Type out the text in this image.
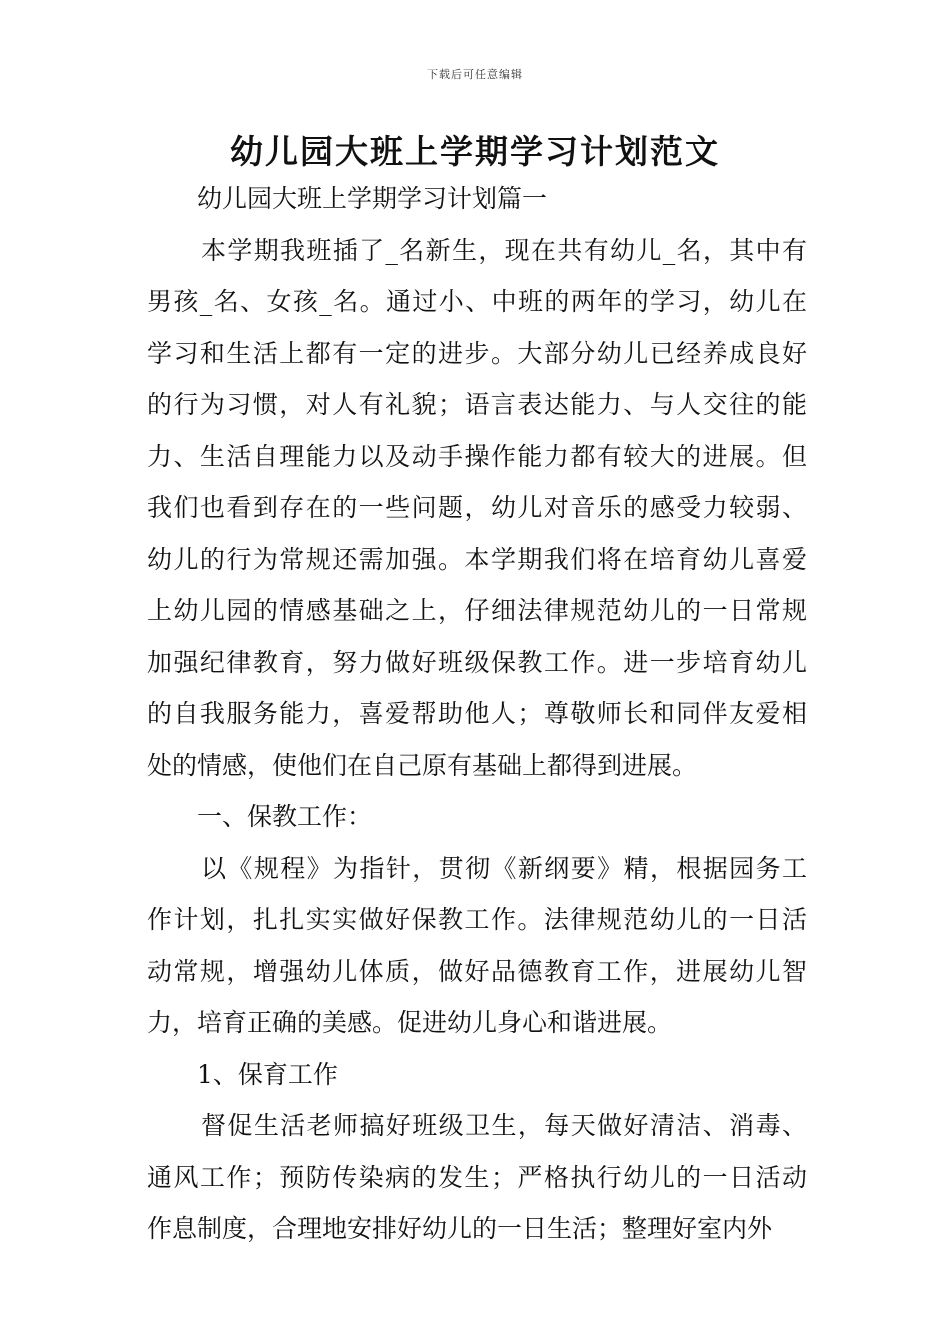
下载后可任意编辑
幼儿园大班上学期学习计划范文
幼儿园大班上学期学习计划篇一
本学期我班插了_名新生，现在共有幼儿_名，其中有
男孩_名、女孩_名。通过小、中班的两年的学习，幼儿在
学习和生活上都有一定的进步。大部分幼儿已经养成良好
的行为习惯，对人有礼貌；语言表达能力、与人交往的能
力、生活自理能力以及动手操作能力都有较大的进展。但
我们也看到存在的一些问题，幼儿对音乐的感受力较弱、
幼儿的行为常规还需加强。本学期我们将在培育幼儿喜爱
上幼儿园的情感基础之上，仔细法律规范幼儿的一日常规
加强纪律教育，努力做好班级保教工作。进一步培育幼儿
的自我服务能力，喜爱帮助他人；尊敬师长和同伴友爱相
处的情感，使他们在自己原有基础上都得到进展。
一、保教工作：
以《规程》为指针，贯彻《新纲要》精，根据园务工
作计划，扎扎实实做好保教工作。法律规范幼儿的一日活
动常规，增强幼儿体质，做好品德教育工作，进展幼儿智
力，培育正确的美感。促进幼儿身心和谐进展。
1、保育工作
督促生活老师搞好班级卫生，每天做好清洁、消毒、
通风工作；预防传染病的发生；严格执行幼儿的一日活动
作息制度，合理地安排好幼儿的一日生活；整理好室内外
